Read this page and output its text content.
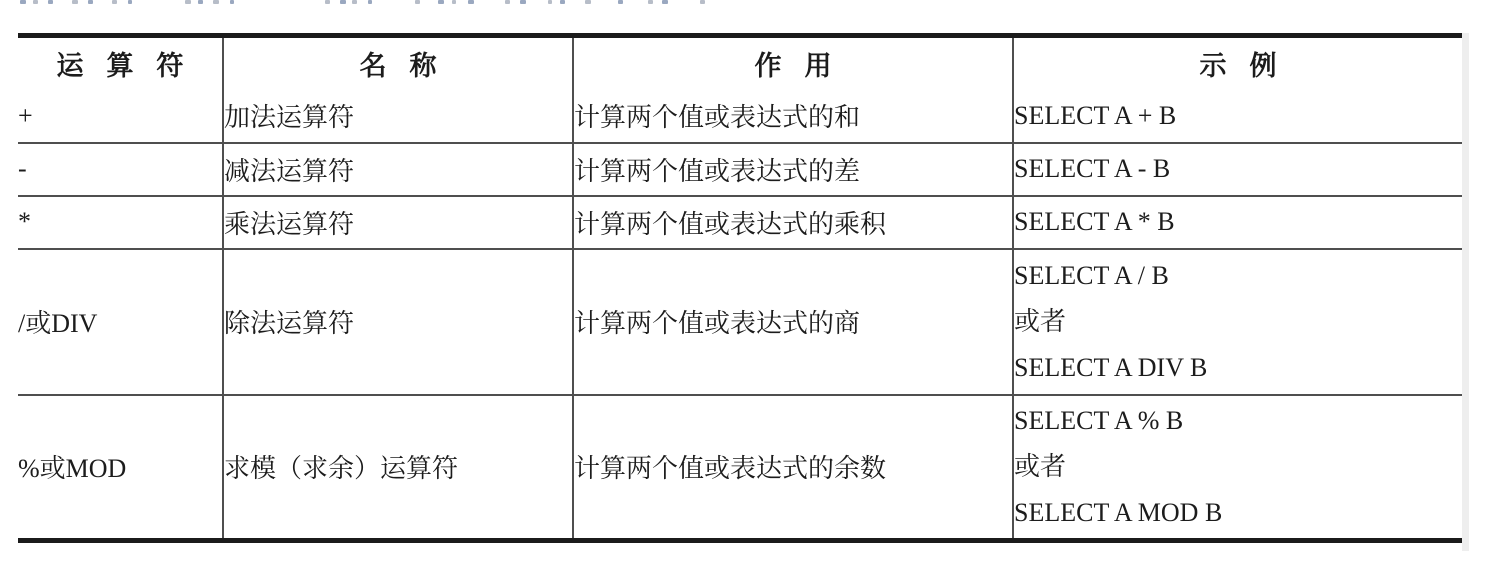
运算符	名称	作用	示例
+	加法运算符	计算两个值或表达式的和	SELECT A + B

-	减法运算符	计算两个值或表达式的差	SELECT A - B

*	乘法运算符	计算两个值或表达式的乘积	SELECT A * B

/或DIV	除法运算符	计算两个值或表达式的商	SELECT A / B
或者
SELECT A DIV B

%或MOD	求模（求余）运算符	计算两个值或表达式的余数	SELECT A % B
或者
SELECT A MOD B
